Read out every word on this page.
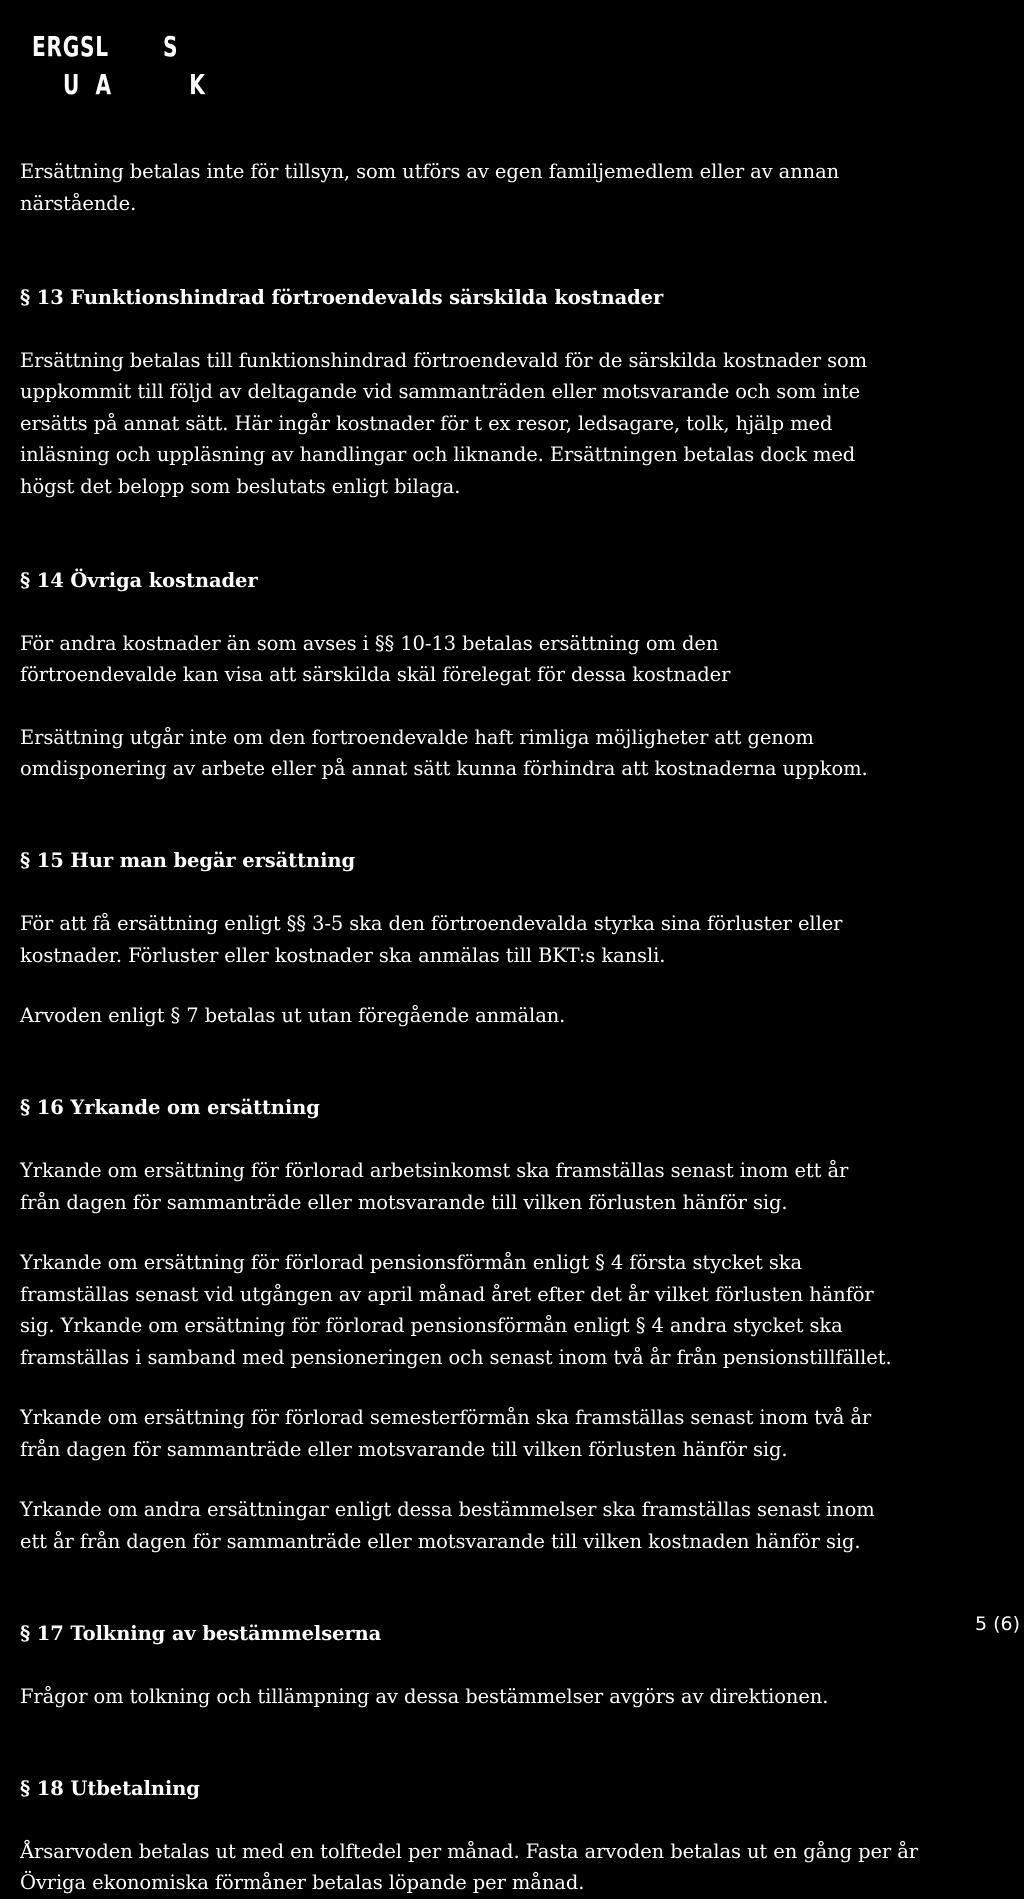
ERGSL       S
U  A          K

Ersättning betalas inte för tillsyn, som utförs av egen familjemedlem eller av annan
närstående.

§ 13 Funktionshindrad förtroendevalds särskilda kostnader

Ersättning betalas till funktionshindrad förtroendevald för de särskilda kostnader som
uppkommit till följd av deltagande vid sammanträden eller motsvarande och som inte
ersätts på annat sätt. Här ingår kostnader för t ex resor, ledsagare, tolk, hjälp med
inläsning och uppläsning av handlingar och liknande. Ersättningen betalas dock med
högst det belopp som beslutats enligt bilaga.

§ 14 Övriga kostnader

För andra kostnader än som avses i §§ 10-13 betalas ersättning om den
förtroendevalde kan visa att särskilda skäl förelegat för dessa kostnader

Ersättning utgår inte om den fortroendevalde haft rimliga möjligheter att genom
omdisponering av arbete eller på annat sätt kunna förhindra att kostnaderna uppkom.

§ 15 Hur man begär ersättning

För att få ersättning enligt §§ 3-5 ska den förtroendevalda styrka sina förluster eller
kostnader. Förluster eller kostnader ska anmälas till BKT:s kansli.

Arvoden enligt § 7 betalas ut utan föregående anmälan.

§ 16 Yrkande om ersättning

Yrkande om ersättning för förlorad arbetsinkomst ska framställas senast inom ett år
från dagen för sammanträde eller motsvarande till vilken förlusten hänför sig.

Yrkande om ersättning för förlorad pensionsförmån enligt § 4 första stycket ska
framställas senast vid utgången av april månad året efter det år vilket förlusten hänför
sig. Yrkande om ersättning för förlorad pensionsförmån enligt § 4 andra stycket ska
framställas i samband med pensioneringen och senast inom två år från pensionstillfället.

Yrkande om ersättning för förlorad semesterförmån ska framställas senast inom två år
från dagen för sammanträde eller motsvarande till vilken förlusten hänför sig.

Yrkande om andra ersättningar enligt dessa bestämmelser ska framställas senast inom
ett år från dagen för sammanträde eller motsvarande till vilken kostnaden hänför sig.

§ 17 Tolkning av bestämmelserna

Frågor om tolkning och tillämpning av dessa bestämmelser avgörs av direktionen.

§ 18 Utbetalning

Årsarvoden betalas ut med en tolftedel per månad. Fasta arvoden betalas ut en gång per år
Övriga ekonomiska förmåner betalas löpande per månad.

5 (6)
